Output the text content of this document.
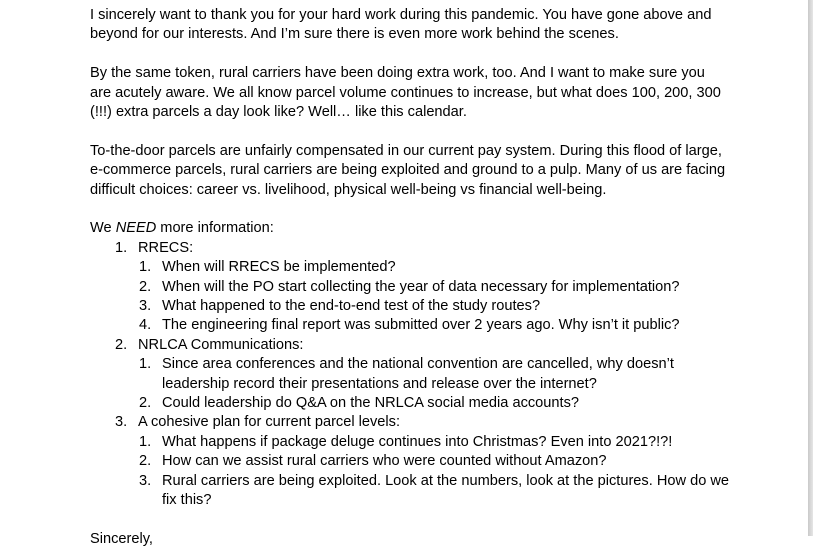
I sincerely want to thank you for your hard work during this pandemic. You have gone above and beyond for our interests. And I’m sure there is even more work behind the scenes.

By the same token, rural carriers have been doing extra work, too. And I want to make sure you are acutely aware. We all know parcel volume continues to increase, but what does 100, 200, 300 (!!!) extra parcels a day look like? Well… like this calendar.

To-the-door parcels are unfairly compensated in our current pay system. During this flood of large, e-commerce parcels, rural carriers are being exploited and ground to a pulp. Many of us are facing difficult choices: career vs. livelihood, physical well-being vs financial well-being.

We NEED more information:

1. RRECS:
1. When will RRECS be implemented?
2. When will the PO start collecting the year of data necessary for implementation?
3. What happened to the end-to-end test of the study routes?
4. The engineering final report was submitted over 2 years ago. Why isn’t it public?
2. NRLCA Communications:
1. Since area conferences and the national convention are cancelled, why doesn’t leadership record their presentations and release over the internet?
2. Could leadership do Q&A on the NRLCA social media accounts?
3. A cohesive plan for current parcel levels:
1. What happens if package deluge continues into Christmas? Even into 2021?!?!
2. How can we assist rural carriers who were counted without Amazon?
3. Rural carriers are being exploited. Look at the numbers, look at the pictures. How do we fix this?

Sincerely,
